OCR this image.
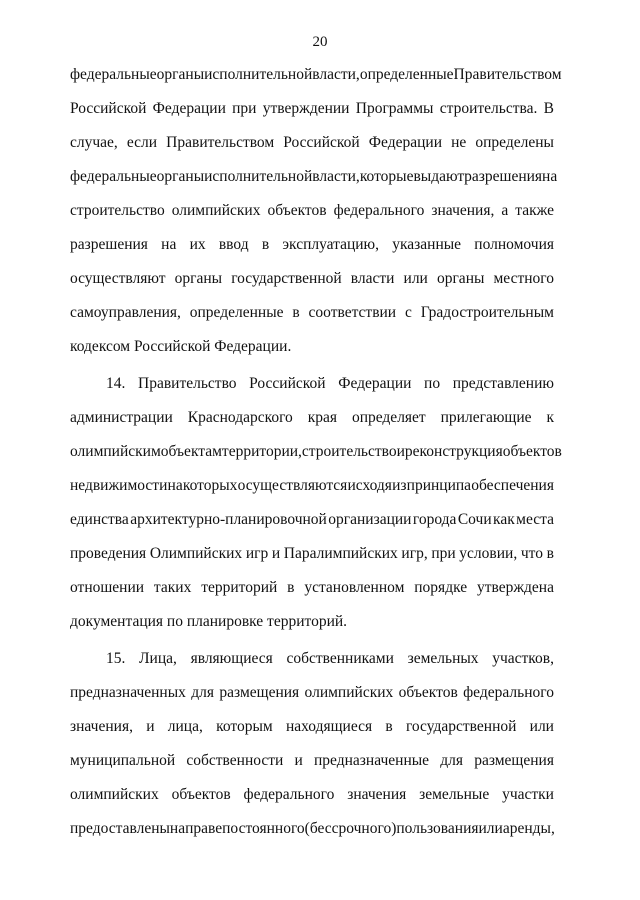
20
федеральные органы исполнительной власти, определенные Правительством
Российской Федерации при утверждении Программы строительства. В
случае, если Правительством Российской Федерации не определены
федеральные органы исполнительной власти, которые выдают разрешения на
строительство олимпийских объектов федерального значения, а также
разрешения на их ввод в эксплуатацию, указанные полномочия
осуществляют органы государственной власти или органы местного
самоуправления, определенные в соответствии с Градостроительным
кодексом Российской Федерации.
14. Правительство Российской Федерации по представлению
администрации Краснодарского края определяет прилегающие к
олимпийским объектам территории, строительство и реконструкция объектов
недвижимости на которых осуществляются исходя из принципа обеспечения
единства архитектурно-планировочной организации города Сочи как места
проведения Олимпийских игр и Паралимпийских игр, при условии, что в
отношении таких территорий в установленном порядке утверждена
документация по планировке территорий.
15. Лица, являющиеся собственниками земельных участков,
предназначенных для размещения олимпийских объектов федерального
значения, и лица, которым находящиеся в государственной или
муниципальной собственности и предназначенные для размещения
олимпийских объектов федерального значения земельные участки
предоставлены на праве постоянного (бессрочного) пользования или аренды,
